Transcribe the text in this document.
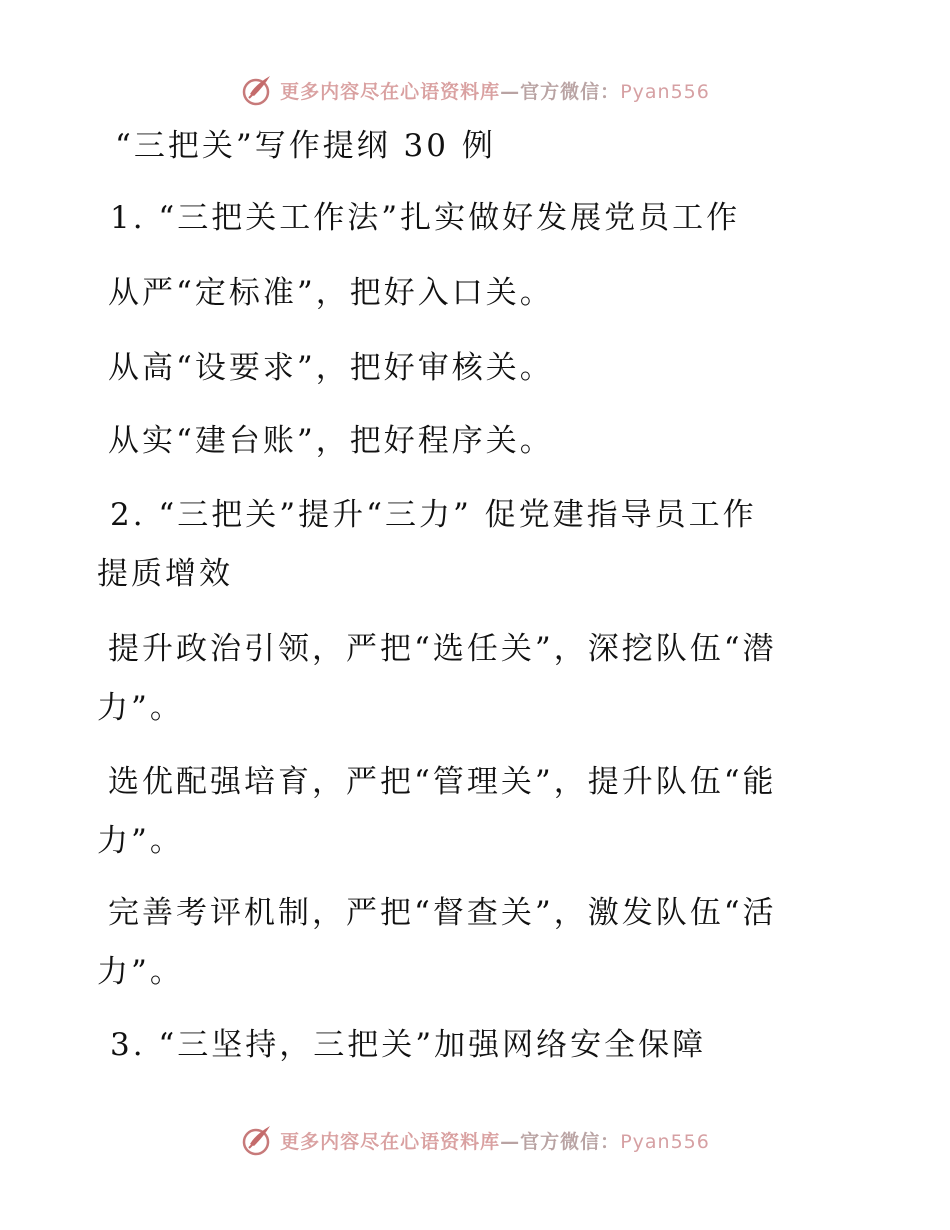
更多内容尽在心语资料库—官方微信：Pyan556
“三把关”写作提纲 30 例
1. “三把关工作法”扎实做好发展党员工作
从严“定标准”，把好入口关。
从高“设要求”，把好审核关。
从实“建台账”，把好程序关。
2. “三把关”提升“三力” 促党建指导员工作
提质增效
提升政治引领，严把“选任关”，深挖队伍“潜
力”。
选优配强培育，严把“管理关”，提升队伍“能
力”。
完善考评机制，严把“督查关”，激发队伍“活
力”。
3. “三坚持，三把关”加强网络安全保障
更多内容尽在心语资料库—官方微信：Pyan556
